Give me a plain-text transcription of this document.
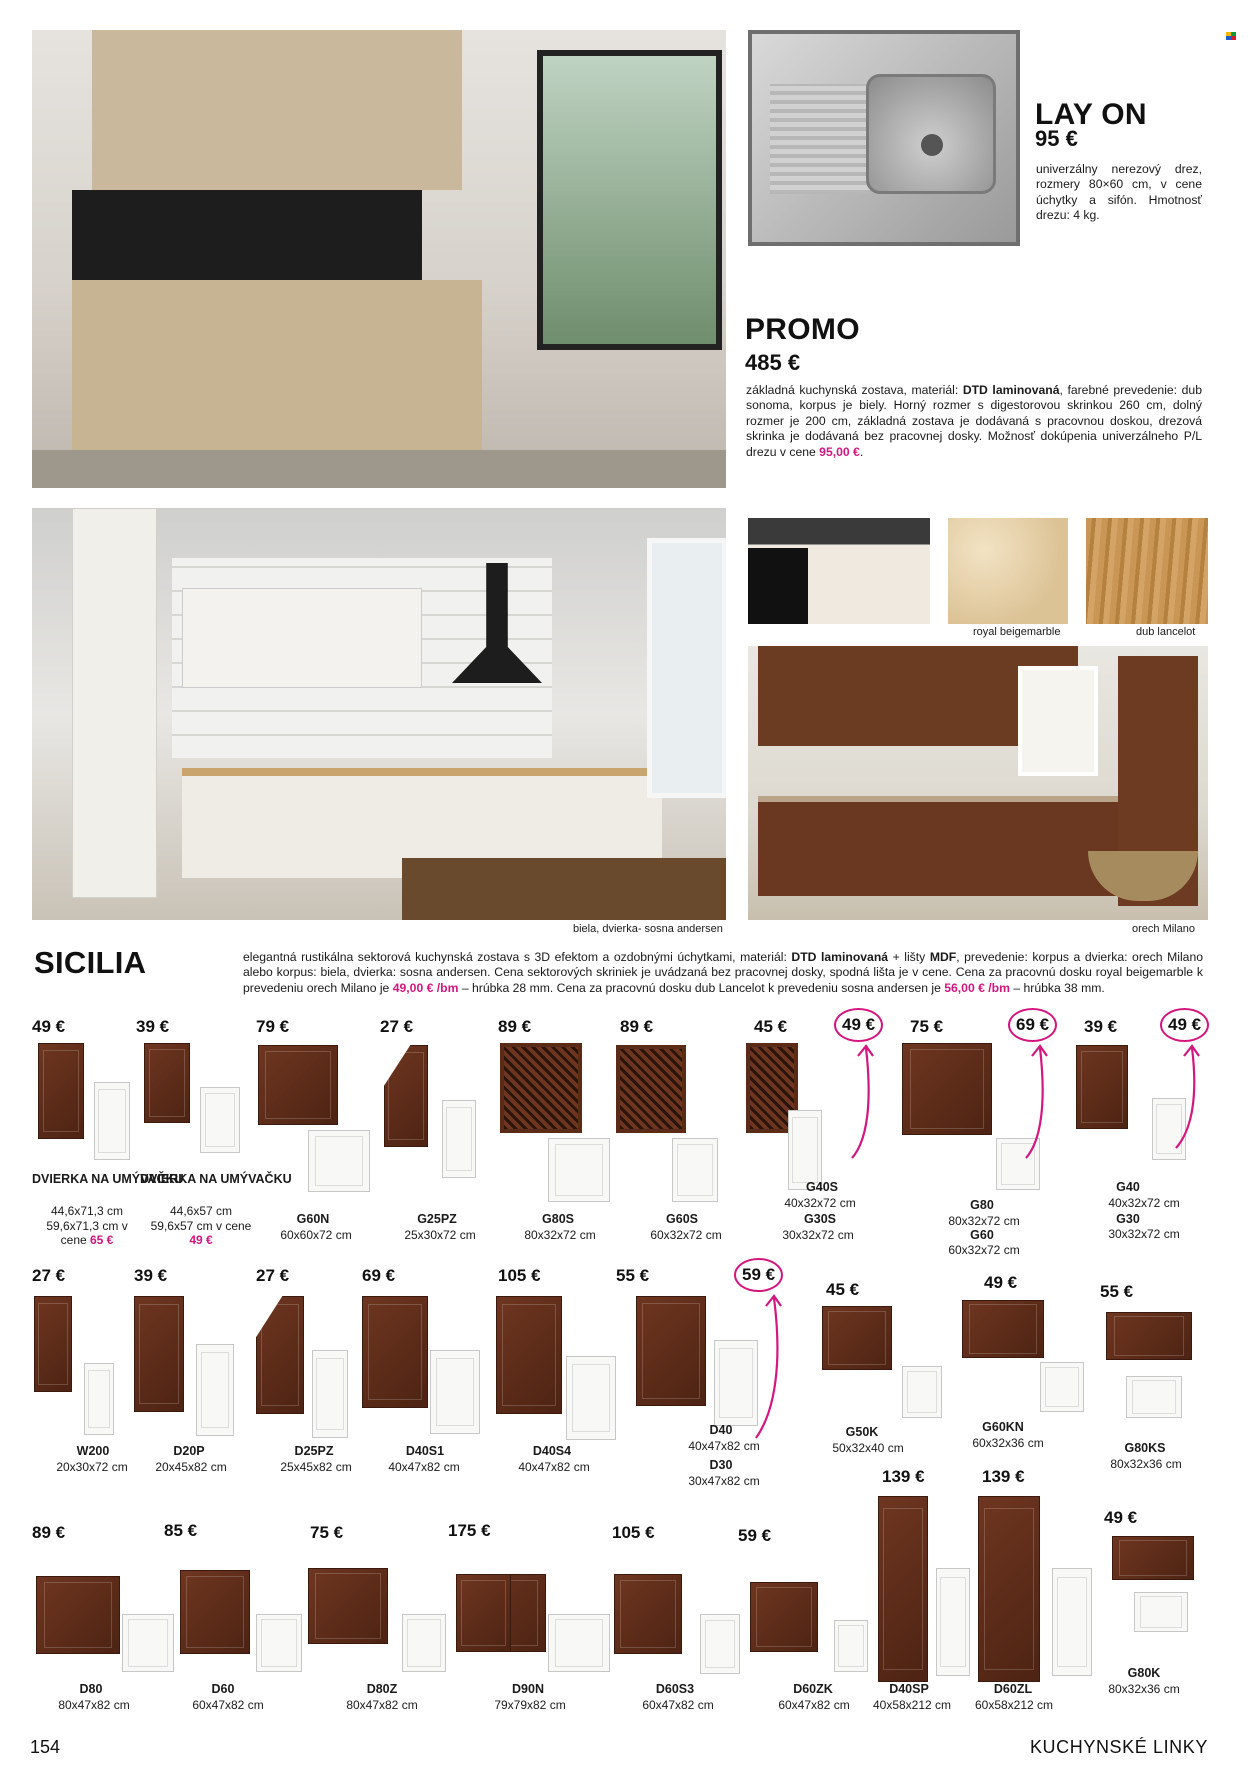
LAY ON
95 €
univerzálny nerezový drez, rozmery 80×60 cm, v cene úchytky a sifón. Hmotnosť drezu: 4 kg.
PROMO
485 €
základná kuchynská zostava, materiál: DTD laminovaná, farebné prevedenie: dub sonoma, korpus je biely. Horný rozmer s digestorovou skrinkou 260 cm, dolný rozmer je 200 cm, základná zostava je dodávaná s pracovnou doskou, drezová skrinka je dodávaná bez pracovnej dosky. Možnosť dokúpenia univerzálneho P/L drezu v cene 95,00 €.
biela, dvierka- sosna andersen
royal beigemarble	dub lancelot
orech Milano
SICILIA	elegantná rustikálna sektorová kuchynská zostava s 3D efektom a ozdobnými úchytkami, materiál: DTD laminovaná + lišty MDF, prevedenie: korpus a dvierka: orech Milano alebo korpus: biela, dvierka: sosna andersen. Cena sektorových skriniek je uvádzaná bez pracovnej dosky, spodná lišta je v cene. Cena za pracovnú dosku royal beigemarble k prevedeniu orech Milano je 49,00 € /bm – hrúbka 28 mm. Cena za pracovnú dosku dub Lancelot k prevedeniu sosna andersen je 56,00 € /bm – hrúbka 38 mm.
49 €
DVIERKA NA UMÝVAČKU
44,6x71,3 cm
59,6x71,3 cm v
cene 65 €
39 €
DVIERKA NA UMÝVAČKU
44,6x57 cm
59,6x57 cm v cene
49 €
79 €
G60N
60x60x72 cm
27 €
G25PZ
25x30x72 cm
89 €
G80S
80x32x72 cm
89 €
G60S
60x32x72 cm
45 €
G30S
30x32x72 cm
49 €
G40S
40x32x72 cm
75 €
G80
80x32x72 cm
69 €
G60
60x32x72 cm
39 €
G30
30x32x72 cm
49 €
G40
40x32x72 cm
27 €
W200
20x30x72 cm
39 €
D20P
20x45x82 cm
27 €
D25PZ
25x45x82 cm
69 €
D40S1
40x47x82 cm
105 €
D40S4
40x47x82 cm
55 €
D30
30x47x82 cm
59 €
D40
40x47x82 cm
45 €
G50K
50x32x40 cm
49 €
G60KN
60x32x36 cm
55 €
G80KS
80x32x36 cm
89 €
D80
80x47x82 cm
85 €
D60
60x47x82 cm
75 €
D80Z
80x47x82 cm
175 €
D90N
79x79x82 cm
105 €
D60S3
60x47x82 cm
59 €
D60ZK
60x47x82 cm
139 €
D40SP
40x58x212 cm
139 €
D60ZL
60x58x212 cm
49 €
G80K
80x32x36 cm
154	KUCHYNSKÉ LINKY
